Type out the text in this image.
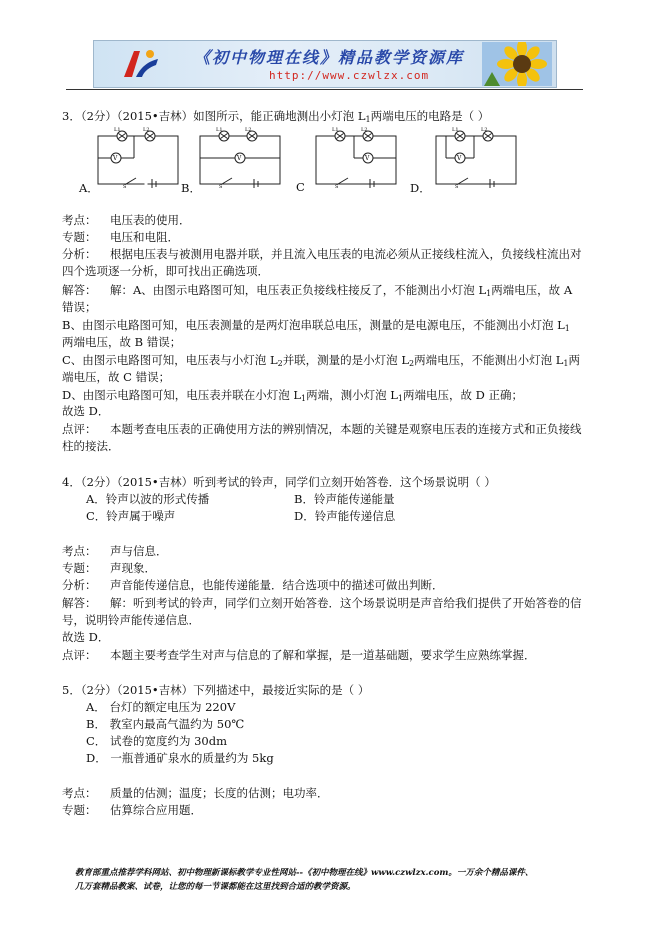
《初中物理在线》精品教学资源库
http://www.czwlzx.com
3．（2分）（2015•吉林）如图所示，能正确地测出小灯泡 $L_1$两端电压的电路是（ ）
L1	L2
V
S
A．
L1	L2
V
S
B．
L1	L2
V
S
C
L1	L2
V
S
D．
考点： 电压表的使用．
专题： 电压和电阻．
分析： 根据电压表与被测用电器并联，并且流入电压表的电流必须从正接线柱流入，负接线柱流出对
四个选项逐一分析，即可找出正确选项．
解答： 解：A、由图示电路图可知，电压表正负接线柱接反了，不能测出小灯泡 $L_1$两端电压，故 A
错误；
B、由图示电路图可知，电压表测量的是两灯泡串联总电压，测量的是电源电压，不能测出小灯泡 $L_1$
两端电压，故 B 错误；
C、由图示电路图可知，电压表与小灯泡 $L_2$并联，测量的是小灯泡 $L_2$两端电压，不能测出小灯泡 $L_1$两
端电压，故 C 错误；
D、由图示电路图可知，电压表并联在小灯泡 $L_1$两端，测小灯泡 $L_1$两端电压，故 D 正确；
故选 D．
点评： 本题考查电压表的正确使用方法的辨别情况，本题的关键是观察电压表的连接方式和正负接线
柱的接法．
4．（2分）（2015•吉林）听到考试的铃声，同学们立刻开始答卷．这个场景说明（ ）
A．铃声以波的形式传播	B．铃声能传递能量
C．铃声属于噪声	D．铃声能传递信息
考点： 声与信息．
专题： 声现象．
分析： 声音能传递信息，也能传递能量．结合选项中的描述可做出判断．
解答： 解：听到考试的铃声，同学们立刻开始答卷．这个场景说明是声音给我们提供了开始答卷的信
号，说明铃声能传递信息．
故选 D．
点评： 本题主要考查学生对声与信息的了解和掌握，是一道基础题，要求学生应熟练掌握．
5．（2分）（2015•吉林）下列描述中，最接近实际的是（ ）
A． 台灯的额定电压为 220V
B． 教室内最高气温约为 50℃
C． 试卷的宽度约为 30dm
D． 一瓶普通矿泉水的质量约为 5kg
考点： 质量的估测；温度；长度的估测；电功率．
专题： 估算综合应用题．
教育部重点推荐学科网站、初中物理新课标教学专业性网站--《初中物理在线》www.czwlzx.com。一万余个精品课件、
几万套精品教案、试卷，让您的每一节课都能在这里找到合适的教学资源。
